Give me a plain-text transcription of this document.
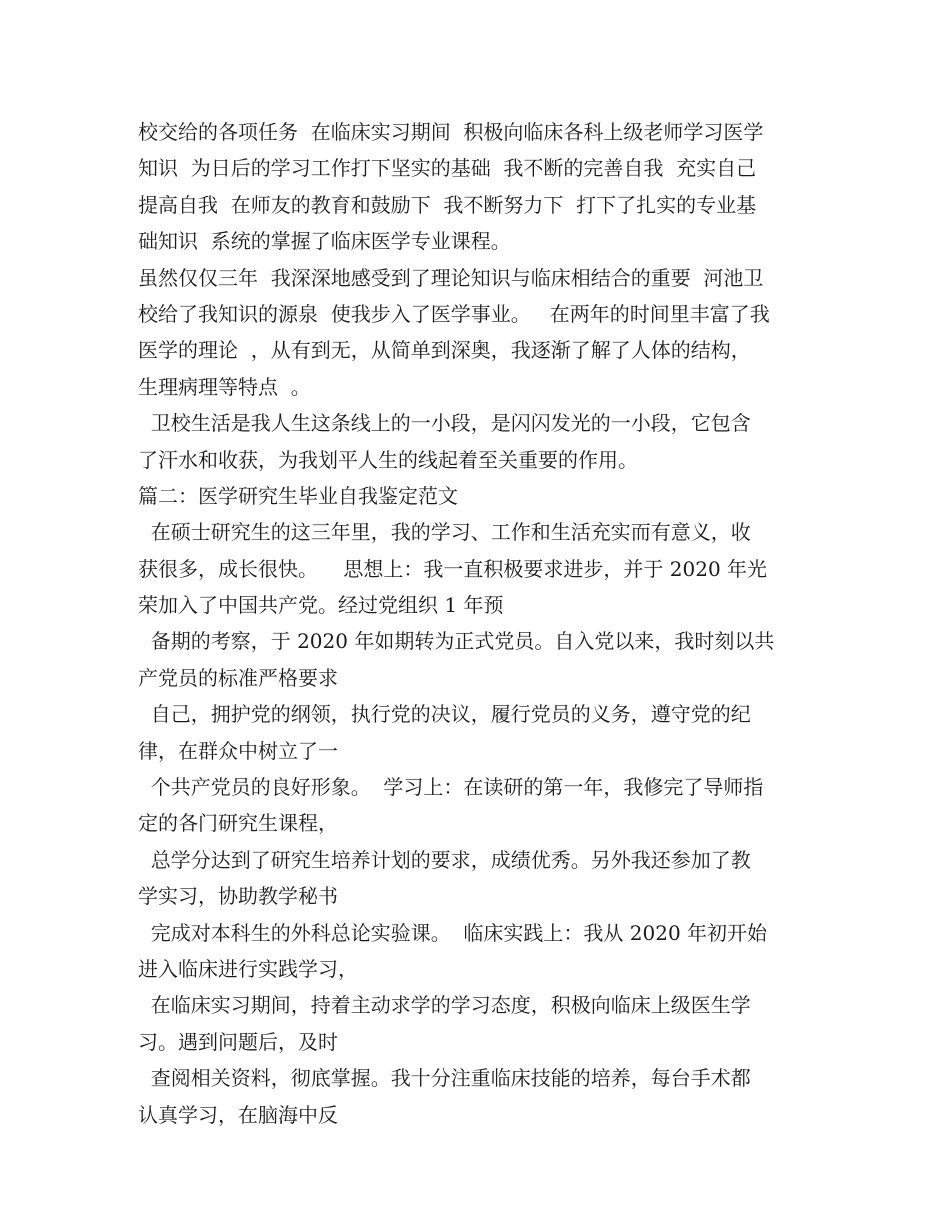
校交给的各项任务  在临床实习期间  积极向临床各科上级老师学习医学
知识  为日后的学习工作打下坚实的基础  我不断的完善自我  充实自己
提高自我  在师友的教育和鼓励下  我不断努力下  打下了扎实的专业基
础知识  系统的掌握了临床医学专业课程。
虽然仅仅三年  我深深地感受到了理论知识与临床相结合的重要  河池卫
校给了我知识的源泉  使我步入了医学事业。   在两年的时间里丰富了我
医学的理论  ，从有到无，从简单到深奥，我逐渐了解了人体的结构，
生理病理等特点  。
卫校生活是我人生这条线上的一小段，是闪闪发光的一小段，它包含
了汗水和收获，为我划平人生的线起着至关重要的作用。
篇二：医学研究生毕业自我鉴定范文
在硕士研究生的这三年里，我的学习、工作和生活充实而有意义，收
获很多，成长很快。    思想上：我一直积极要求进步，并于 2020 年光
荣加入了中国共产党。经过党组织 1 年预
备期的考察，于 2020 年如期转为正式党员。自入党以来，我时刻以共
产党员的标准严格要求
自己，拥护党的纲领，执行党的决议，履行党员的义务，遵守党的纪
律，在群众中树立了一
个共产党员的良好形象。  学习上：在读研的第一年，我修完了导师指
定的各门研究生课程，
总学分达到了研究生培养计划的要求，成绩优秀。另外我还参加了教
学实习，协助教学秘书
完成对本科生的外科总论实验课。  临床实践上：我从 2020 年初开始
进入临床进行实践学习，
在临床实习期间，持着主动求学的学习态度，积极向临床上级医生学
习。遇到问题后，及时
查阅相关资料，彻底掌握。我十分注重临床技能的培养，每台手术都
认真学习，在脑海中反
